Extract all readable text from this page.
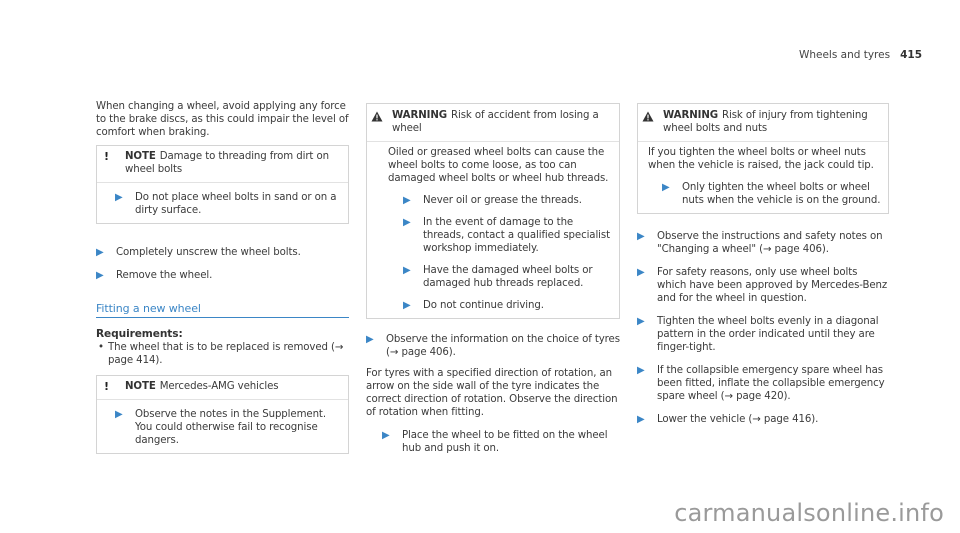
Wheels and tyres 415

When changing a wheel, avoid applying any force to the brake discs, as this could impair the level of comfort when braking.

!	NOTE Damage to threading from dirt on wheel bolts

▶	Do not place wheel bolts in sand or on a dirty surface.

▶	Completely unscrew the wheel bolts.

▶	Remove the wheel.

Fitting a new wheel

Requirements:

• The wheel that is to be replaced is removed (→ page 414).

!	NOTE Mercedes-AMG vehicles

▶	Observe the notes in the Supplement. You could otherwise fail to recognise dangers.

WARNING Risk of accident from losing a wheel

Oiled or greased wheel bolts can cause the wheel bolts to come loose, as too can damaged wheel bolts or wheel hub threads.

▶	Never oil or grease the threads.

▶	In the event of damage to the threads, contact a qualified specialist workshop immediately.

▶	Have the damaged wheel bolts or damaged hub threads replaced.

▶	Do not continue driving.

▶	Observe the information on the choice of tyres (→ page 406).

For tyres with a specified direction of rotation, an arrow on the side wall of the tyre indicates the correct direction of rotation. Observe the direction of rotation when fitting.

▶	Place the wheel to be fitted on the wheel hub and push it on.

WARNING Risk of injury from tightening wheel bolts and nuts

If you tighten the wheel bolts or wheel nuts when the vehicle is raised, the jack could tip.

▶	Only tighten the wheel bolts or wheel nuts when the vehicle is on the ground.

▶	Observe the instructions and safety notes on "Changing a wheel" (→ page 406).

▶	For safety reasons, only use wheel bolts which have been approved by Mercedes-Benz and for the wheel in question.

▶	Tighten the wheel bolts evenly in a diagonal pattern in the order indicated until they are finger-tight.

▶	If the collapsible emergency spare wheel has been fitted, inflate the collapsible emergency spare wheel (→ page 420).

▶	Lower the vehicle (→ page 416).

carmanualsonline.info
